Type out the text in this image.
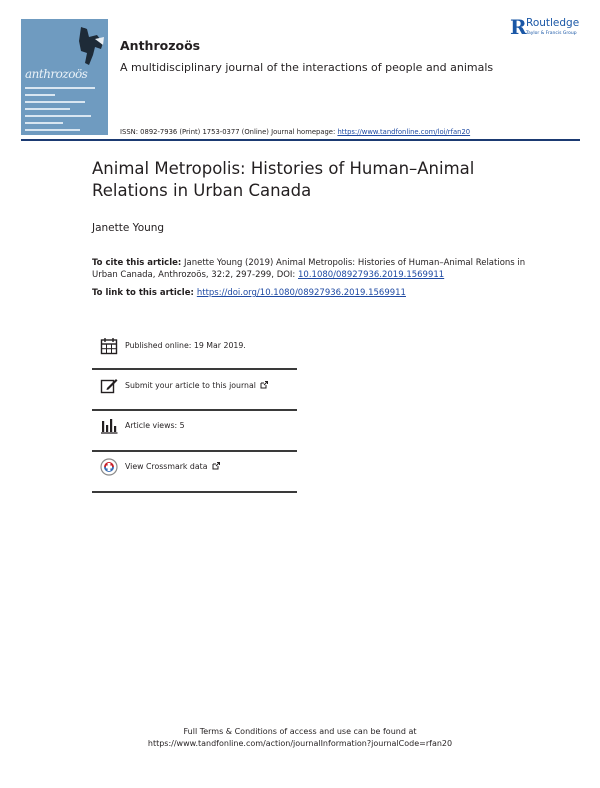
anthrozoös
Anthrozoös
A multidisciplinary journal of the interactions of people and animals
R Routledge
Taylor & Francis Group
ISSN: 0892-7936 (Print) 1753-0377 (Online) Journal homepage: https://www.tandfonline.com/loi/rfan20
Animal Metropolis: Histories of Human–Animal
Relations in Urban Canada
Janette Young
To cite this article: Janette Young (2019) Animal Metropolis: Histories of Human–Animal Relations in Urban Canada, Anthrozoös, 32:2, 297-299, DOI: 10.1080/08927936.2019.1569911
To link to this article: https://doi.org/10.1080/08927936.2019.1569911
Published online: 19 Mar 2019.
Submit your article to this journal
Article views: 5
View Crossmark data
Full Terms & Conditions of access and use can be found at
https://www.tandfonline.com/action/journalInformation?journalCode=rfan20
